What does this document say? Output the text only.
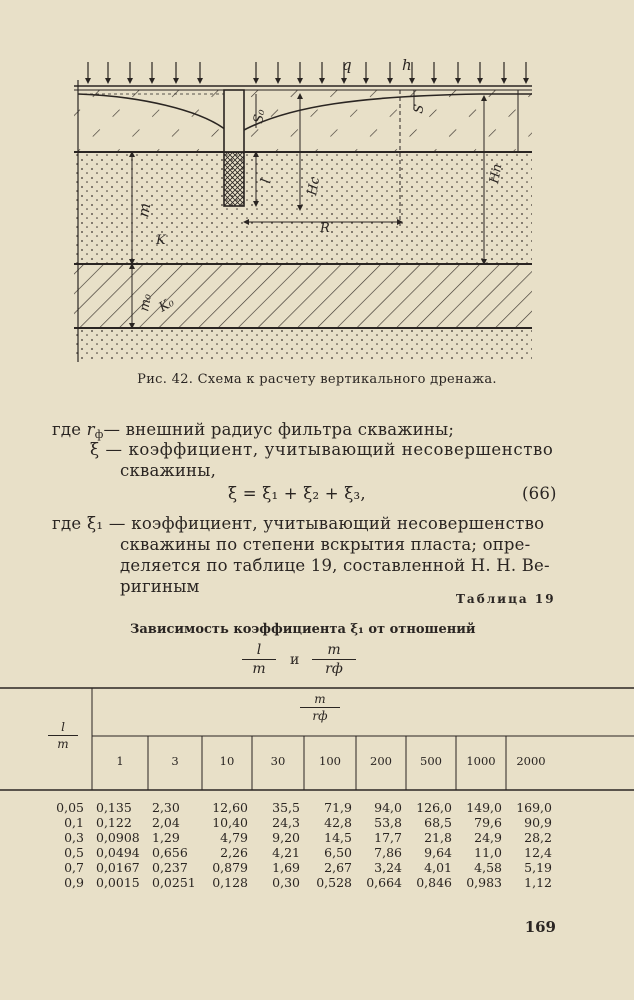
q	h
S₀	S
l Hс
Hп
m
K
R
m₀ K₀
Рис. 42. Схема к расчету вертикального дренажа.
где $r_ф—$ внешний радиус фильтра скважины;
ξ — коэффициент, учитывающий несовершенство
скважины,
ξ = ξ₁ + ξ₂ + ξ₃,	(66)
где ξ₁ — коэффициент, учитывающий несовершенство
скважины по степени вскрытия пласта; опре-
деляется по таблице 19, составленной Н. Н. Ве-
ригиным
Таблица 19
Зависимость коэффициента ξ₁ от отношений
l
m
и
m
rф
l
m
m
rф
1	3	10	30	100	200	500	1000	2000
0,05 0,135 2,30	12,60 35,5 71,9 94,0 126,0 149,0 169,0
0,1 0,122 2,04	10,40 24,3 42,8 53,8 68,5 79,6 90,9
0,3 0,0908 1,29	4,79 9,20 14,5 17,7 21,8 24,9 28,2
0,5 0,0494 0,656	2,26 4,21 6,50 7,86 9,64 11,0 12,4
0,7 0,0167 0,237 0,879 1,69 2,67 3,24 4,01 4,58 5,19
0,9 0,0015 0,0251 0,128 0,30 0,528 0,664 0,846 0,983 1,12
169
